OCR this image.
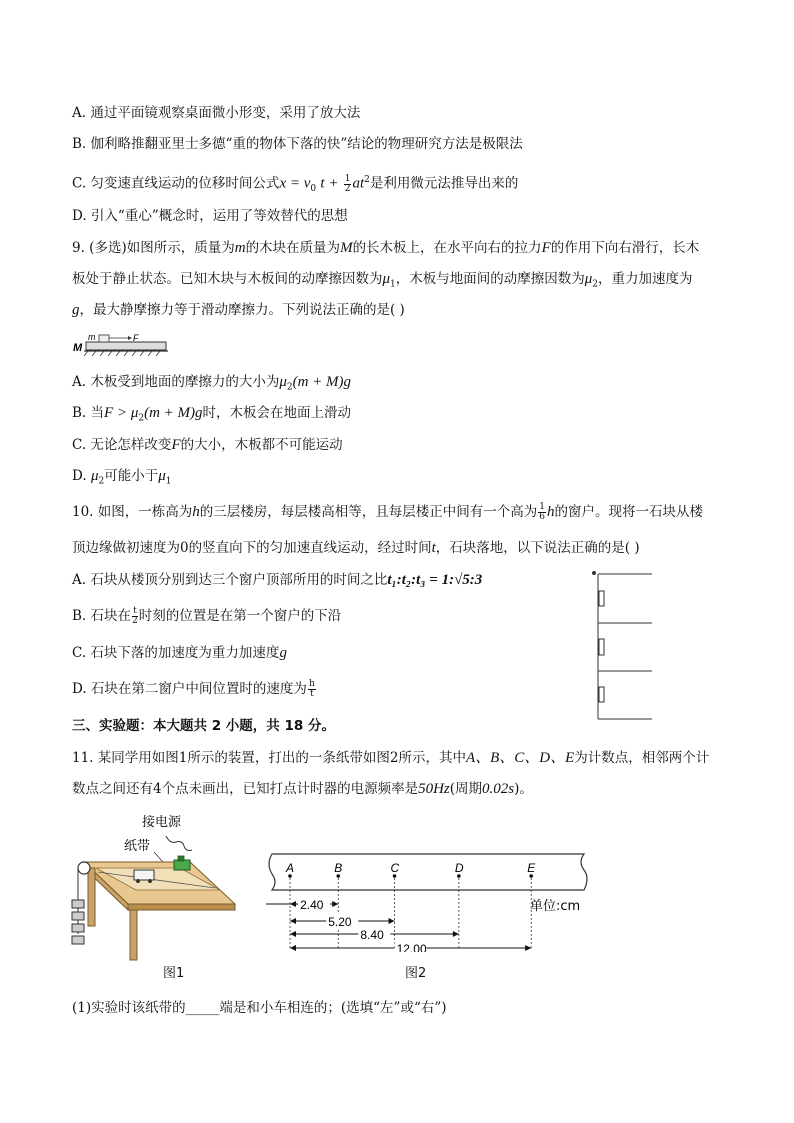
A. 通过平面镜观察桌面微小形变，采用了放大法
B. 伽利略推翻亚里士多德“重的物体下落的快”结论的物理研究方法是极限法
C. 匀变速直线运动的位移时间公式$x = v_0$ $t + \frac{1}{2} at^2$是利用微元法推导出来的
D. 引入“重心”概念时，运用了等效替代的思想
9. (多选)如图所示，质量为m的木块在质量为M的长木板上，在水平向右的拉力F的作用下向右滑行，长木
板处于静止状态。已知木块与木板间的动摩擦因数为$\mu_1$，木板与地面间的动摩擦因数为$\mu_2$，重力加速度为
g，最大静摩擦力等于滑动摩擦力。下列说法正确的是( )
M
m	F
A. 木板受到地面的摩擦力的大小为$\mu_2(m + M)g$
B. 当$F > \mu_2(m + M)g$时，木板会在地面上滑动
C. 无论怎样改变F的大小，木板都不可能运动
D. $\mu_2$可能小于$\mu_1$
10. 如图，一栋高为h的三层楼房，每层楼高相等，且每层楼正中间有一个高为 $\frac{1}{6}$ h的窗户。现将一石块从楼
顶边缘做初速度为0的竖直向下的匀加速直线运动，经过时间t，石块落地，以下说法正确的是( )
A. 石块从楼顶分别到达三个窗户顶部所用的时间之比t₁:t₂:t₃ = 1:√5:3
B. 石块在 $\frac{t}{2}$ 时刻的位置是在第一个窗户的下沿
C. 石块下落的加速度为重力加速度g
D. 石块在第二窗户中间位置时的速度为 $\frac{h}{t}$
三、实验题：本大题共 2 小题，共 18 分。
11. 某同学用如图1所示的装置，打出的一条纸带如图2所示，其中A、B、C、D、E为计数点，相邻两个计
数点之间还有4个点未画出，已知打点计时器的电源频率是50Hz(周期0.02s)。
接电源
纸带
图1
A	B	C	D	E
2.40
5.20
8.40
12.00
单位:cm
图2
(1)实验时该纸带的_____端是和小车相连的；(选填“左”或“右”)
